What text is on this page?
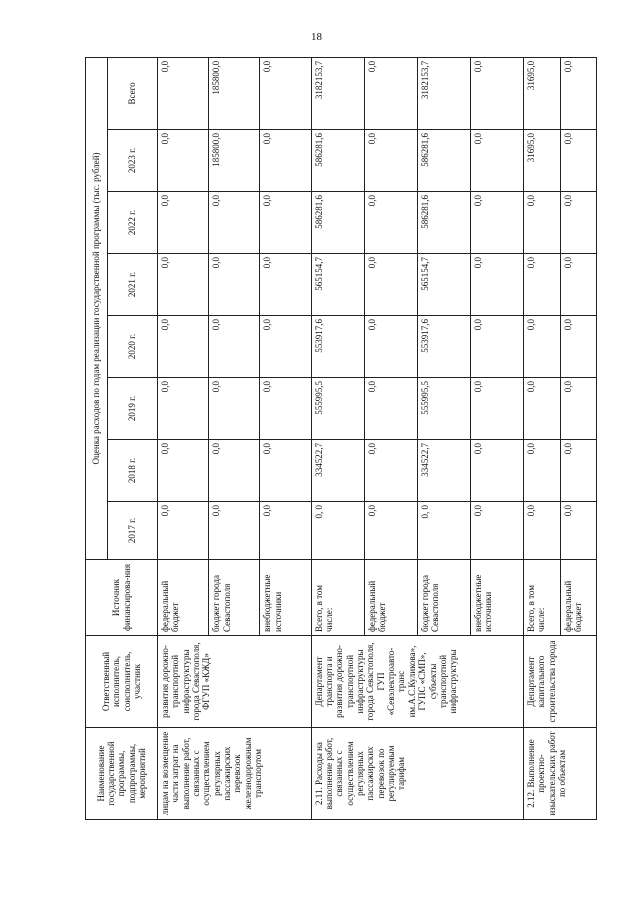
18
Наименование государственной программы, подпрограммы, мероприятий	Ответственный исполнитель, соисполнитель, участник	Источник финансирова-ния	Оценка расходов по годам реализации государственной программы (тыс. рублей)							
			2017 г.	2018 г.	2019 г.	2020 г.	2021 г.	2022 г.	2023 г.	Всего
лицам на возмещение части затрат на выполнение работ, связанных с осуществлением регулярных пассажирских перевозок железнодорожным транспортом	развития дорожно-транспортной инфраструктуры города Севастополя, ФГУП «КЖД»	федеральный бюджет	0,0	0,0	0,0	0,0	0,0	0,0	0,0	0,0
		бюджет города Севастополя	0,0	0,0	0,0	0,0	0,0	0,0	185800,0	185800,0
		внебюджетные источники	0,0	0,0	0,0	0,0	0,0	0,0	0,0	0,0
2.11. Расходы на выполнение работ, связанных с осуществлением регулярных пассажирских перевозок по регулируемым тарифам	Департамент транспорта и развития дорожно-транспортной инфраструктуры города Севастополя, ГУП «Севэлектроавто-транс им.А.С.Куликова», ГУПС «СМП», субъекты транспортной инфраструктуры	Всего, в том числе:	0, 0	334522,7	555995,5	553917,6	565154,7	586281,6	586281,6	3182153,7
		федеральный бюджет	0,0	0,0	0,0	0,0	0,0	0,0	0,0	0,0
		бюджет города Севастополя	0, 0	334522,7	555995,5	553917,6	565154,7	586281,6	586281,6	3182153,7
		внебюджетные источники	0,0	0,0	0,0	0,0	0,0	0,0	0,0	0,0
2.12. Выполнение проектно-изыскательских работ по объектам	Департамент капитального строительства города	Всего, в том числе:	0,0	0,0	0,0	0,0	0,0	0,0	31695,0	31695,0
		федеральный бюджет	0,0	0,0	0,0	0,0	0,0	0,0	0,0	0,0
